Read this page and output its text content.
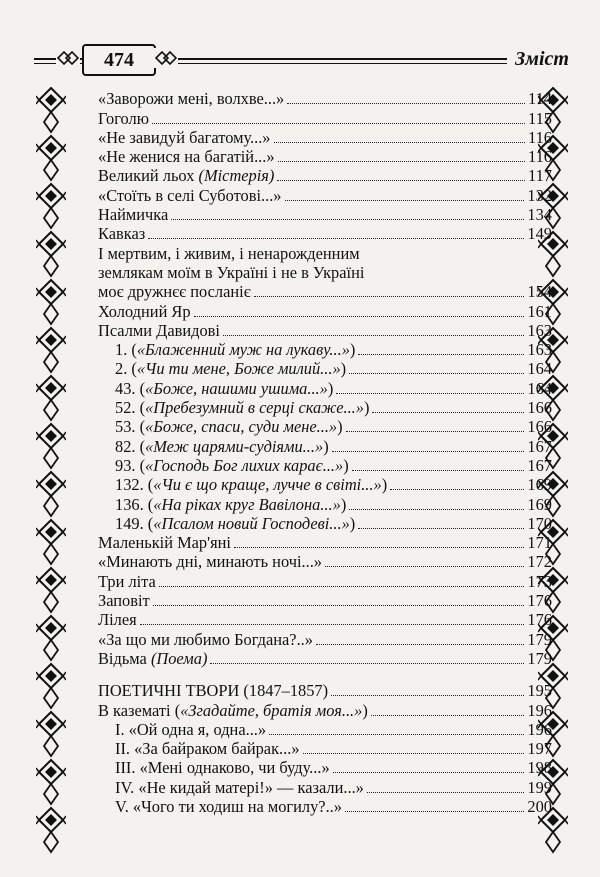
474	Зміст
«Заворожи мені, волхве...»	114
Гоголю	115
«Не завидуй багатому...»	116
«Не женися на багатій...»	116
Великий льох (Містерія)	117
«Стоїть в селі Суботові...»	132
Наймичка	134
Кавказ	149
І мертвим, і живим, і ненарожденним
землякам моїм в Україні і не в Україні
моє дружнєє посланіє	154
Холодний Яр	161
Псалми Давидові	163
1. («Блаженний муж на лукаву...»)	163
2. («Чи ти мене, Боже милий...»)	164
43. («Боже, нашими ушима...»)	164
52. («Пребезумний в серці скаже...»)	166
53. («Боже, спаси, суди мене...»)	166
82. («Меж царями-судіями...»)	167
93. («Господь Бог лихих карає...»)	167
132. («Чи є що краще, лучче в світі...»)	169
136. («На ріках круг Вавілона...»)	169
149. («Псалом новий Господеві...»)	170
Маленькій Мар'яні	171
«Минають дні, минають ночі...»	172
Три літа	173
Заповіт	176
Лілея	176
«За що ми любимо Богдана?..»	179
Відьма (Поема)	179
ПОЕТИЧНІ ТВОРИ (1847–1857)	195
В казематі («Згадайте, братія моя...»)	196
I. «Ой одна я, одна...»	196
II. «За байраком байрак...»	197
III. «Мені однаково, чи буду...»	198
IV. «Не кидай матері!» — казали...»	199
V. «Чого ти ходиш на могилу?..»	200
